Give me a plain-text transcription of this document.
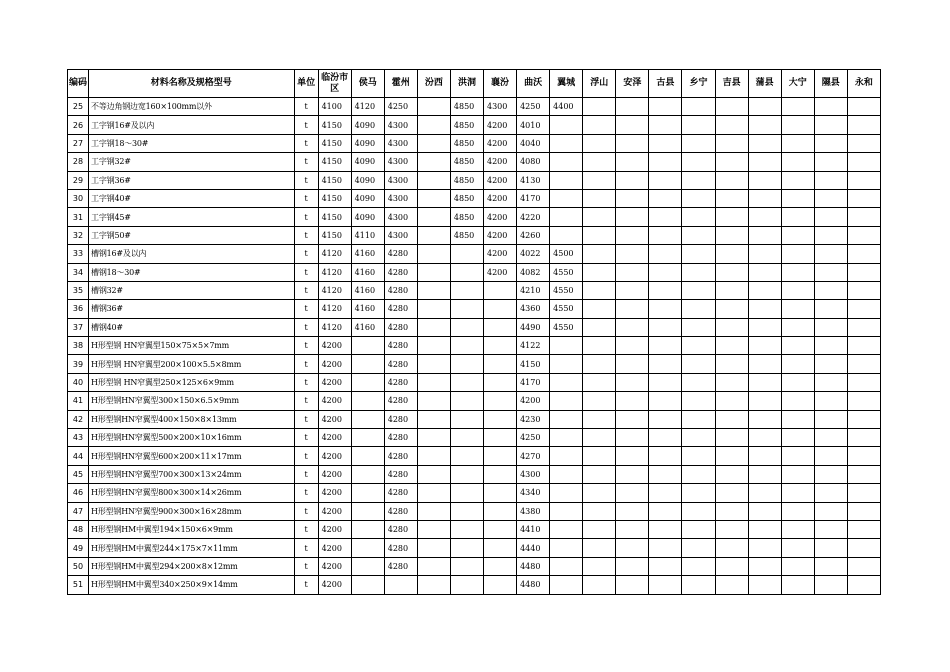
编码	材料名称及规格型号	单位	临汾市区	侯马	霍州	汾西	洪洞	襄汾	曲沃	翼城	浮山	安泽	古县	乡宁	吉县	蒲县	大宁	隰县	永和
25	不等边角钢边宽160×100mm以外	t	4100	4120	4250		4850	4300	4250	4400									
26	工字钢16#及以内	t	4150	4090	4300		4850	4200	4010										
27	工字钢18～30#	t	4150	4090	4300		4850	4200	4040										
28	工字钢32#	t	4150	4090	4300		4850	4200	4080										
29	工字钢36#	t	4150	4090	4300		4850	4200	4130										
30	工字钢40#	t	4150	4090	4300		4850	4200	4170										
31	工字钢45#	t	4150	4090	4300		4850	4200	4220										
32	工字钢50#	t	4150	4110	4300		4850	4200	4260										
33	槽钢16#及以内	t	4120	4160	4280			4200	4022	4500									
34	槽钢18～30#	t	4120	4160	4280			4200	4082	4550									
35	槽钢32#	t	4120	4160	4280				4210	4550									
36	槽钢36#	t	4120	4160	4280				4360	4550									
37	槽钢40#	t	4120	4160	4280				4490	4550									
38	H形型钢 HN窄翼型150×75×5×7mm	t	4200		4280				4122										
39	H形型钢 HN窄翼型200×100×5.5×8mm	t	4200		4280				4150										
40	H形型钢 HN窄翼型250×125×6×9mm	t	4200		4280				4170										
41	H形型钢HN窄翼型300×150×6.5×9mm	t	4200		4280				4200										
42	H形型钢HN窄翼型400×150×8×13mm	t	4200		4280				4230										
43	H形型钢HN窄翼型500×200×10×16mm	t	4200		4280				4250										
44	H形型钢HN窄翼型600×200×11×17mm	t	4200		4280				4270										
45	H形型钢HN窄翼型700×300×13×24mm	t	4200		4280				4300										
46	H形型钢HN窄翼型800×300×14×26mm	t	4200		4280				4340										
47	H形型钢HN窄翼型900×300×16×28mm	t	4200		4280				4380										
48	H形型钢HM中翼型194×150×6×9mm	t	4200		4280				4410										
49	H形型钢HM中翼型244×175×7×11mm	t	4200		4280				4440										
50	H形型钢HM中翼型294×200×8×12mm	t	4200		4280				4480										
51	H形型钢HM中翼型340×250×9×14mm	t	4200						4480										
